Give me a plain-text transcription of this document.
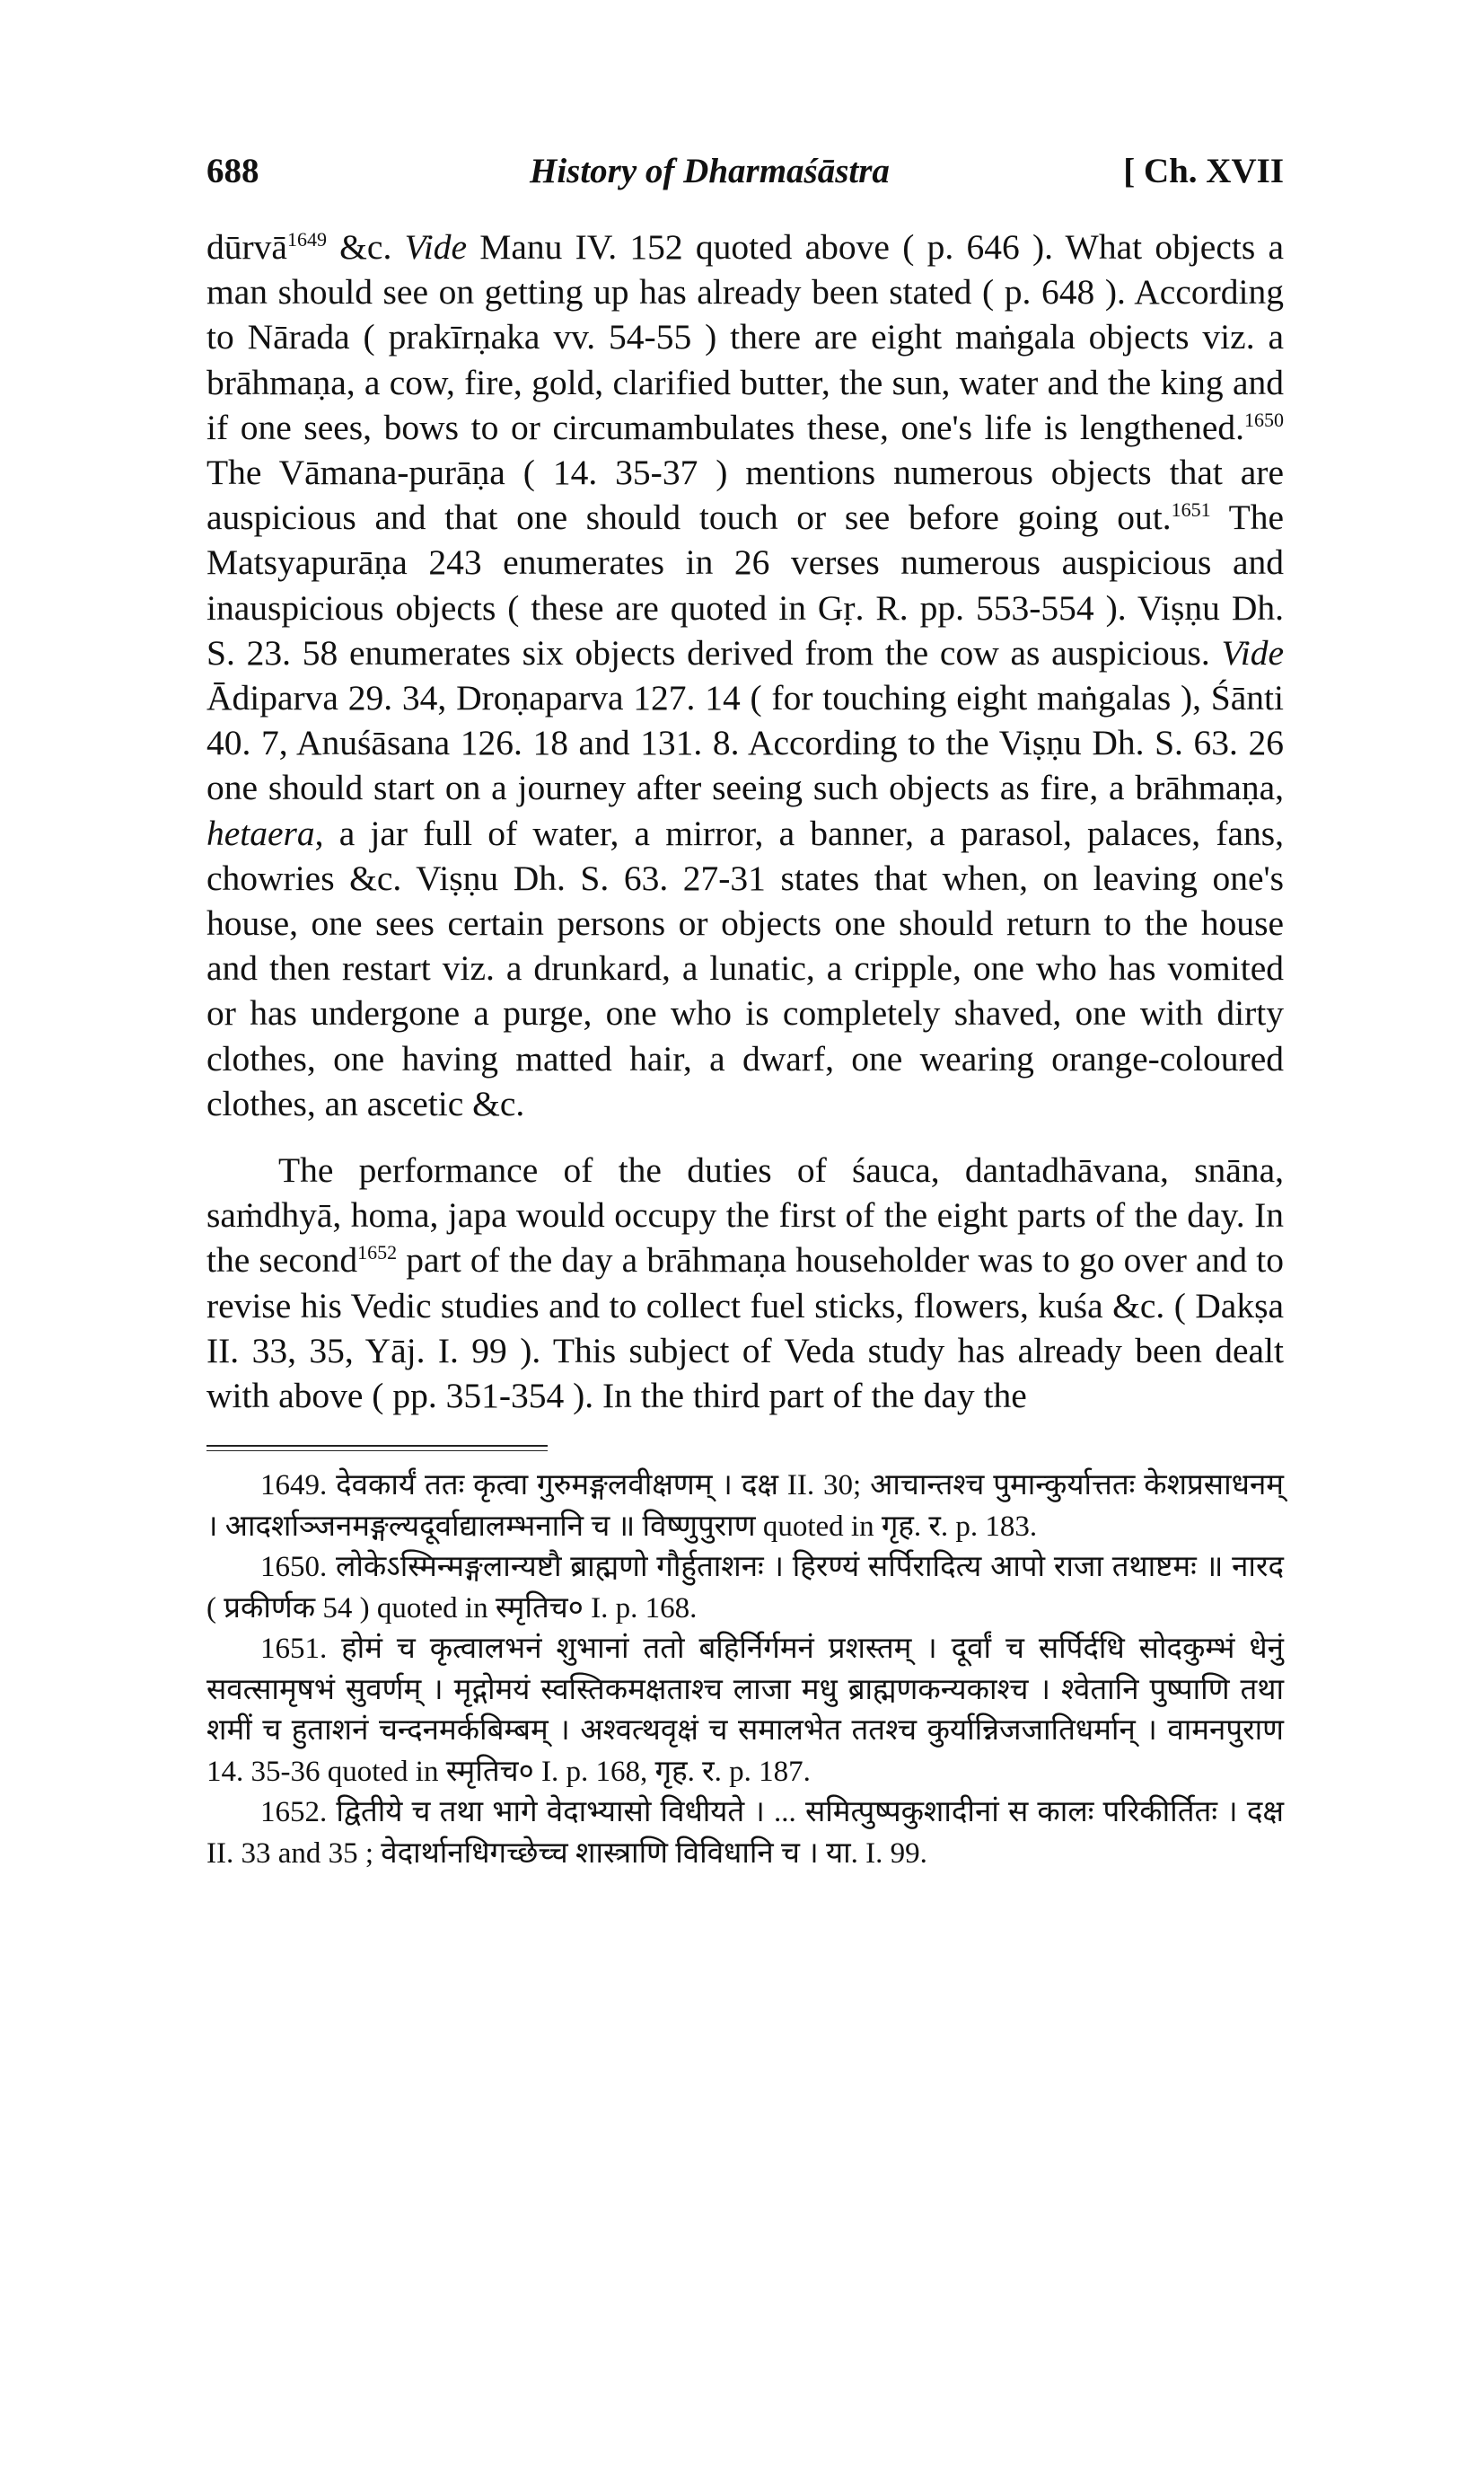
688	History of Dharmaśāstra	[ Ch. XVII

dūrvā$^{1649}$ &c. Vide Manu IV. 152 quoted above ( p. 646 ). What objects a man should see on getting up has already been stated ( p. 648 ). According to Nārada ( prakīrṇaka vv. 54-55 ) there are eight maṅgala objects viz. a brāhmaṇa, a cow, fire, gold, clarified butter, the sun, water and the king and if one sees, bows to or circumambulates these, one's life is lengthened.$^{1650}$ The Vāmana-purāṇa ( 14. 35-37 ) mentions numerous objects that are auspicious and that one should touch or see before going out.$^{1651}$ The Matsyapurāṇa 243 enumerates in 26 verses numerous auspicious and inauspicious objects ( these are quoted in Gṛ. R. pp. 553-554 ). Viṣṇu Dh. S. 23. 58 enumerates six objects derived from the cow as auspicious. Vide Ādiparva 29. 34, Droṇaparva 127. 14 ( for touching eight maṅgalas ), Śānti 40. 7, Anuśāsana 126. 18 and 131. 8. According to the Viṣṇu Dh. S. 63. 26 one should start on a journey after seeing such objects as fire, a brāhmaṇa, hetaera, a jar full of water, a mirror, a banner, a parasol, palaces, fans, chowries &c. Viṣṇu Dh. S. 63. 27-31 states that when, on leaving one's house, one sees certain persons or objects one should return to the house and then restart viz. a drunkard, a lunatic, a cripple, one who has vomited or has undergone a purge, one who is completely shaved, one with dirty clothes, one having matted hair, a dwarf, one wearing orange-coloured clothes, an ascetic &c.

The performance of the duties of śauca, dantadhāvana, snāna, saṁdhyā, homa, japa would occupy the first of the eight parts of the day. In the second$^{1652}$ part of the day a brāhmaṇa householder was to go over and to revise his Vedic studies and to collect fuel sticks, flowers, kuśa &c. ( Dakṣa II. 33, 35, Yāj. I. 99 ). This subject of Veda study has already been dealt with above ( pp. 351-354 ). In the third part of the day the

1649. देवकार्यं ततः कृत्वा गुरुमङ्गलवीक्षणम् । दक्ष II. 30; आचान्तश्च पुमान्कुर्यात्ततः केशप्रसाधनम् । आदर्शाञ्जनमङ्गल्यदूर्वाद्यालम्भनानि च ॥ विष्णुपुराण quoted in गृह. र. p. 183.

1650. लोकेऽस्मिन्मङ्गलान्यष्टौ ब्राह्मणो गौर्हुताशनः । हिरण्यं सर्पिरादित्य आपो राजा तथाष्टमः ॥ नारद ( प्रकीर्णक 54 ) quoted in स्मृतिच० I. p. 168.

1651. होमं च कृत्वालभनं शुभानां ततो बहिर्निर्गमनं प्रशस्तम् । दूर्वां च सर्पिर्दधि सोदकुम्भं धेनुं सवत्सामृषभं सुवर्णम् । मृद्गोमयं स्वस्तिकमक्षताश्च लाजा मधु ब्राह्मणकन्यकाश्च । श्वेतानि पुष्पाणि तथा शमीं च हुताशनं चन्दनमर्कबिम्बम् । अश्वत्थवृक्षं च समालभेत ततश्च कुर्यान्निजजातिधर्मान् । वामनपुराण 14. 35-36 quoted in स्मृतिच० I. p. 168, गृह. र. p. 187.

1652. द्वितीये च तथा भागे वेदाभ्यासो विधीयते । ... समित्पुष्पकुशादीनां स कालः परिकीर्तितः । दक्ष II. 33 and 35 ; वेदार्थानधिगच्छेच्च शास्त्राणि विविधानि च । या. I. 99.
